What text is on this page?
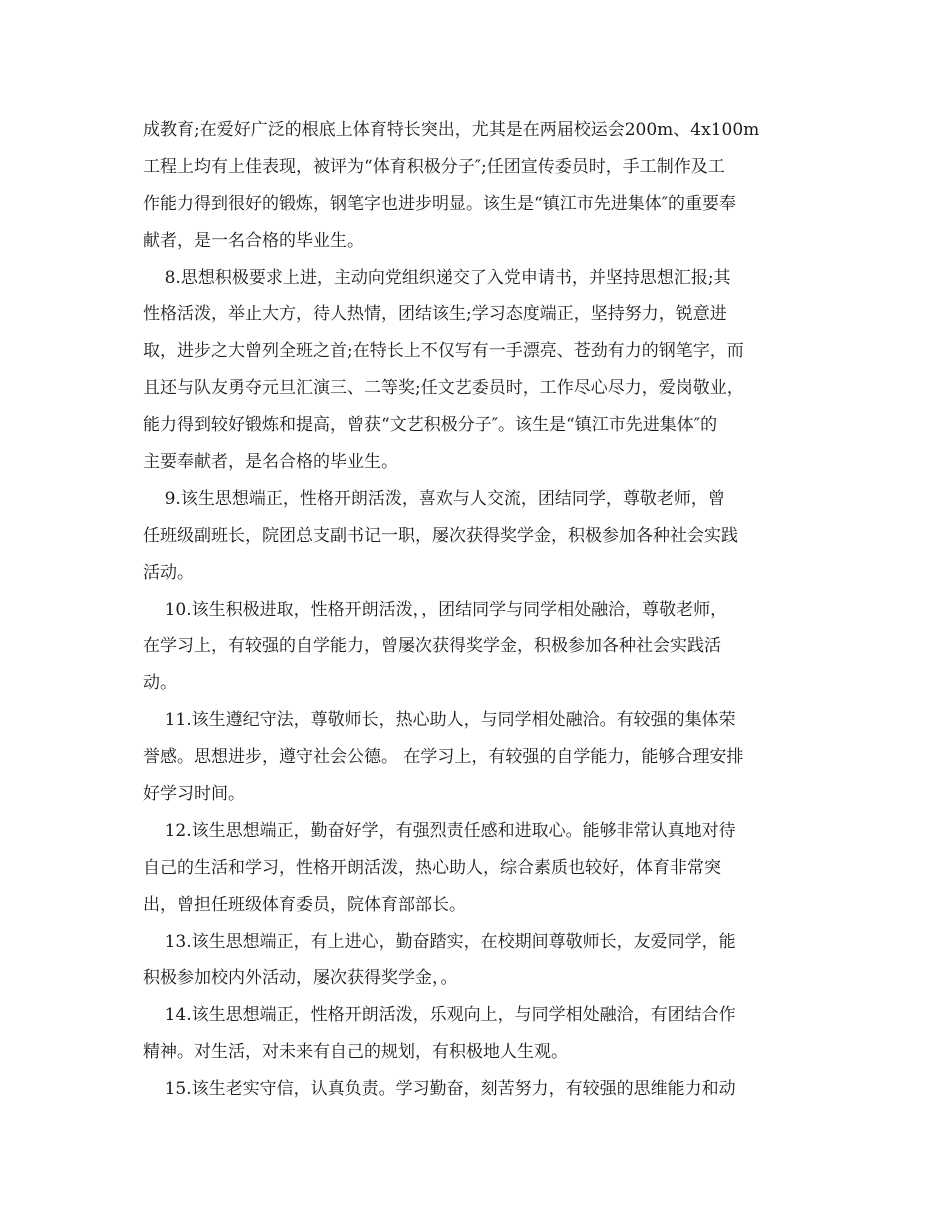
成教育;在爱好广泛的根底上体育特长突出，尤其是在两届校运会200m、4x100m
工程上均有上佳表现，被评为“体育积极分子″;任团宣传委员时，手工制作及工
作能力得到很好的锻炼，钢笔字也进步明显。该生是“镇江市先进集体″的重要奉
献者，是一名合格的毕业生。
8.思想积极要求上进，主动向党组织递交了入党申请书，并坚持思想汇报;其
性格活泼，举止大方，待人热情，团结该生;学习态度端正，坚持努力，锐意进
取，进步之大曾列全班之首;在特长上不仅写有一手漂亮、苍劲有力的钢笔字，而
且还与队友勇夺元旦汇演三、二等奖;任文艺委员时，工作尽心尽力，爱岗敬业，
能力得到较好锻炼和提高，曾获“文艺积极分子″。该生是“镇江市先进集体″的
主要奉献者，是名合格的毕业生。
9.该生思想端正，性格开朗活泼，喜欢与人交流，团结同学，尊敬老师，曾
任班级副班长，院团总支副书记一职，屡次获得奖学金，积极参加各种社会实践
活动。
10.该生积极进取，性格开朗活泼，，团结同学与同学相处融洽，尊敬老师，
在学习上，有较强的自学能力，曾屡次获得奖学金，积极参加各种社会实践活
动。
11.该生遵纪守法，尊敬师长，热心助人，与同学相处融洽。有较强的集体荣
誉感。思想进步，遵守社会公德。 在学习上，有较强的自学能力，能够合理安排
好学习时间。
12.该生思想端正，勤奋好学，有强烈责任感和进取心。能够非常认真地对待
自己的生活和学习，性格开朗活泼，热心助人，综合素质也较好，体育非常突
出，曾担任班级体育委员，院体育部部长。
13.该生思想端正，有上进心，勤奋踏实，在校期间尊敬师长，友爱同学，能
积极参加校内外活动，屡次获得奖学金，。
14.该生思想端正，性格开朗活泼，乐观向上，与同学相处融洽，有团结合作
精神。对生活，对未来有自己的规划，有积极地人生观。
15.该生老实守信，认真负责。学习勤奋，刻苦努力，有较强的思维能力和动
